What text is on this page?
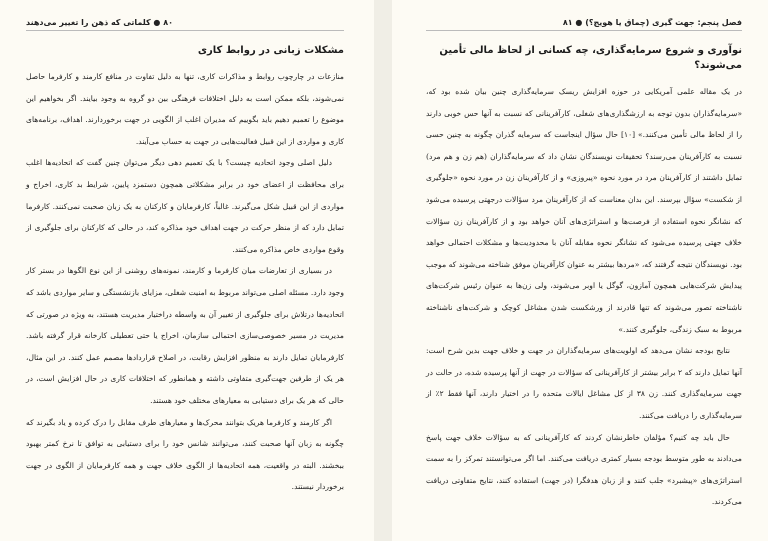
۸۰ ● کلماتی که ذهن را تغییر می‌دهند
مشکلات زبانی در روابط کاری

منازعات در چارچوب روابط و مذاکرات کاری، تنها به دلیل تفاوت در منافع کارمند و کارفرما حاصل نمی‌شوند، بلکه ممکن است به دلیل اختلافات فرهنگی بین دو گروه به وجود بیایند. اگر بخواهیم این موضوع را تعمیم دهیم باید بگوییم که مدیران اغلب از الگویی در جهت برخوردارند. اهداف، برنامه‌های کاری و مواردی از این قبیل فعالیت‌هایی در جهت به حساب می‌آیند.

دلیل اصلی وجود اتحادیه چیست؟ با یک تعمیم دهی دیگر می‌توان چنین گفت که اتحادیه‌ها اغلب برای محافظت از اعضای خود در برابر مشکلاتی همچون دستمزد پایین، شرایط بد کاری، اخراج و مواردی از این قبیل شکل می‌گیرند. غالباً، کارفرمایان و کارکنان به یک زبان صحبت نمی‌کنند. کارفرما تمایل دارد که از منظر حرکت در جهت اهداف خود مذاکره کند، در حالی که کارکنان برای جلوگیری از وقوع مواردی خاص مذاکره می‌کنند.

در بسیاری از تعارضات میان کارفرما و کارمند، نمونه‌های روشنی از این نوع الگوها در بستر کار وجود دارد. مسئله اصلی می‌تواند مربوط به امنیت شغلی، مزایای بازنشستگی و سایر مواردی باشد که اتحادیه‌ها درتلاش برای جلوگیری از تغییر آن به واسطه دراختیار مدیریت هستند، به ویژه در صورتی که مدیریت در مسیر خصوصی‌سازی احتمالی سازمان، اخراج یا حتی تعطیلی کارخانه قرار گرفته باشد. کارفرمایان تمایل دارند به منظور افزایش رقابت، در اصلاح قراردادها مصمم عمل کنند. در این مثال، هر یک از طرفین جهت‌گیری متفاوتی داشته و همانطور که اختلافات کاری در حال افزایش است، در حالی که هر یک برای دستیابی به معیارهای مختلف خود هستند.

اگر کارمند و کارفرما هریک بتوانند محرک‌ها و معیارهای طرف مقابل را درک کرده و یاد بگیرند که چگونه به زبان آنها صحبت کنند، می‌توانند شانس خود را برای دستیابی به توافق تا نرخ کمتر بهبود ببخشند. البته در واقعیت، همه اتحادیه‌ها از الگوی خلاف جهت و همه کارفرمایان از الگوی در جهت برخوردار نیستند.

فصل پنجم: جهت گیری (چماق یا هویج؟) ● ۸۱
نوآوری و شروع سرمایه‌گذاری، چه کسانی از لحاظ مالی تأمین می‌شوند؟

در یک مقاله علمی آمریکایی در حوزه افزایش ریسک سرمایه‌گذاری چنین بیان شده بود که، «سرمایه‌گذاران بدون توجه به ارزشگذاری‌های شغلی، کارآفرینانی که نسبت به آنها حس خوبی دارند را از لحاظ مالی تأمین می‌کنند.» [۱۰] حال سؤال اینجاست که سرمایه گذران چگونه به چنین حسی نسبت به کارآفرینان می‌رسند؟ تحقیقات نویسندگان نشان داد که سرمایه‌گذاران (هم زن و هم مرد) تمایل داشتند از کارآفرینان مرد در مورد نحوه «پیروزی» و از کارآفرینان زن در مورد نحوه «جلوگیری از شکست» سؤال بپرسند. این بدان معناست که از کارآفرینان مرد سؤالات درجهتی پرسیده می‌شود که نشانگر نحوه استفاده از فرصت‌ها و استراتژی‌های آنان خواهد بود و از کارآفرینان زن سؤالات خلاف جهتی پرسیده می‌شود که نشانگر نحوه مقابله آنان با محدودیت‌ها و مشکلات احتمالی خواهد بود. نویسندگان نتیجه گرفتند که، «مردها بیشتر به عنوان کارآفرینان موفق شناخته می‌شوند که موجب پیدایش شرکت‌هایی همچون آمازون، گوگل یا اوبر می‌شوند، ولی زن‌ها به عنوان رئیس شرکت‌های ناشناخته تصور می‌شوند که تنها قادرند از ورشکست شدن مشاغل کوچک و شرکت‌های ناشناخته مربوط به سبک زندگی، جلوگیری کنند.»

نتایج بودجه نشان می‌دهد که اولویت‌های سرمایه‌گذاران در جهت و خلاف جهت بدین شرح است: آنها تمایل دارند که ۲ برابر بیشتر از کارآفرینانی که سؤالات در جهت از آنها پرسیده شده، در حالت در جهت سرمایه‌گذاری کنند. زن ۳۸ از کل مشاغل ایالات متحده را در اختیار دارند، آنها فقط ۲٪ از سرمایه‌گذاری را دریافت می‌کنند.

حال باید چه کنیم؟ مؤلفان خاطرنشان کردند که کارآفرینانی که به سؤالات خلاف جهت پاسخ می‌دادند به طور متوسط بودجه بسیار کمتری دریافت می‌کنند. اما اگر می‌توانستند تمرکز را به سمت استراتژی‌های «پیشبرد» جلب کنند و از زبان هدفگرا (در جهت) استفاده کنند، نتایج متفاوتی دریافت می‌کردند.
